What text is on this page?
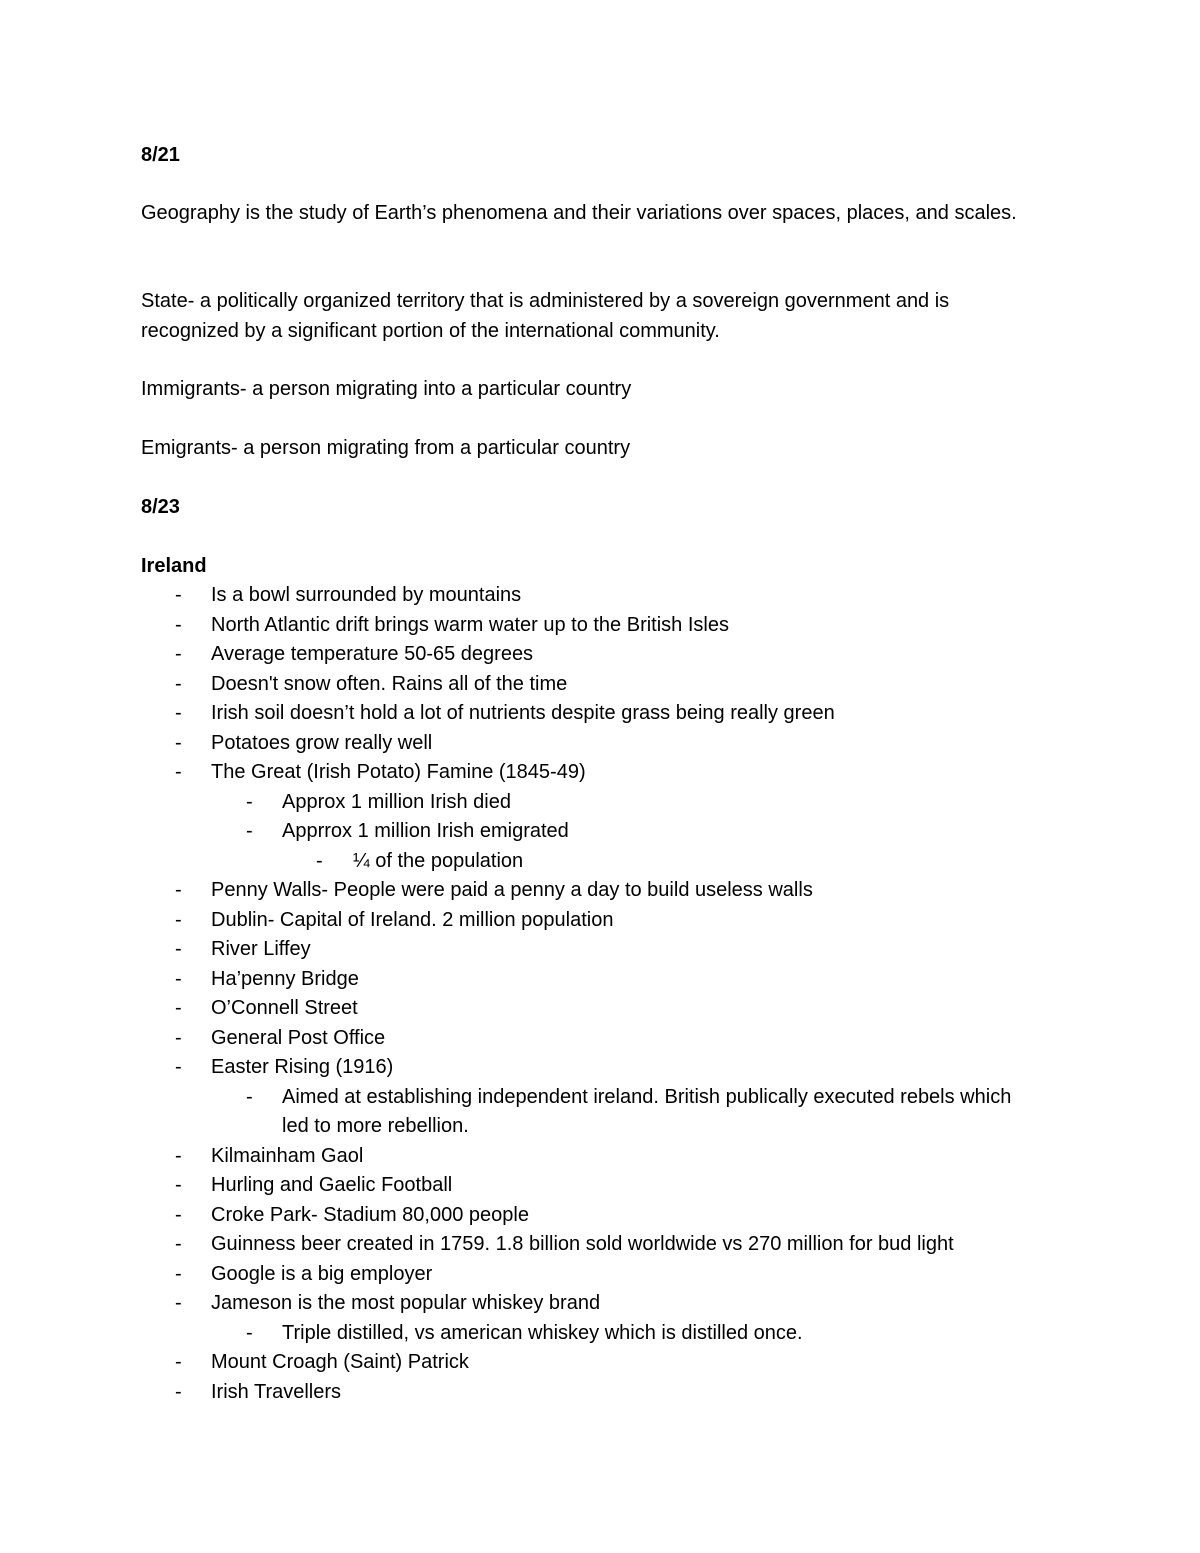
8/21

Geography is the study of Earth’s phenomena and their variations over spaces, places, and scales.

State- a politically organized territory that is administered by a sovereign government and is recognized by a significant portion of the international community.

Immigrants- a person migrating into a particular country

Emigrants- a person migrating from a particular country

8/23

Ireland

-	Is a bowl surrounded by mountains
-	North Atlantic drift brings warm water up to the British Isles
-	Average temperature 50-65 degrees
-	Doesn't snow often. Rains all of the time
-	Irish soil doesn’t hold a lot of nutrients despite grass being really green
-	Potatoes grow really well
-	The Great (Irish Potato) Famine (1845-49)
-	Approx 1 million Irish died
-	Apprrox 1 million Irish emigrated
-	¼ of the population
-	Penny Walls- People were paid a penny a day to build useless walls
-	Dublin- Capital of Ireland. 2 million population
-	River Liffey
-	Ha’penny Bridge
-	O’Connell Street
-	General Post Office
-	Easter Rising (1916)
-	Aimed at establishing independent ireland. British publically executed rebels which led to more rebellion.
-	Kilmainham Gaol
-	Hurling and Gaelic Football
-	Croke Park- Stadium 80,000 people
-	Guinness beer created in 1759. 1.8 billion sold worldwide vs 270 million for bud light
-	Google is a big employer
-	Jameson is the most popular whiskey brand
-	Triple distilled, vs american whiskey which is distilled once.
-	Mount Croagh (Saint) Patrick
-	Irish Travellers
